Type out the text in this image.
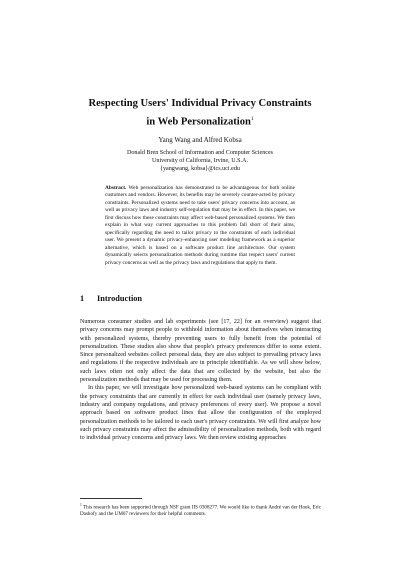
Respecting Users' Individual Privacy Constraints
in Web Personalization$^1$
Yang Wang and Alfred Kobsa
Donald Bren School of Information and Computer Sciences
University of California, Irvine, U.S.A.
{yangwang, kobsa}@ics.uci.edu
Abstract. Web personalization has demonstrated to be advantageous for both online customers and vendors. However, its benefits may be severely counter-acted by privacy constraints. Personalized systems need to take users' privacy concerns into account, as well as privacy laws and industry self-regulation that may be in effect. In this paper, we first discuss how these constraints may affect web-based personalized systems. We then explain in what way current approaches to this problem fall short of their aims, specifically regarding the need to tailor privacy to the constraints of each individual user. We present a dynamic privacy-enhancing user modeling framework as a superior alternative, which is based on a software product line architecture. Our system dynamically selects personalization methods during runtime that respect users' current privacy concerns as well as the privacy laws and regulations that apply to them.
1 Introduction

Numerous consumer studies and lab experiments (see [17, 22] for an overview) suggest that privacy concerns may prompt people to withhold information about themselves when interacting with personalized systems, thereby preventing users to fully benefit from the potential of personalization. These studies also show that people's privacy preferences differ to some extent. Since personalized websites collect personal data, they are also subject to prevailing privacy laws and regulations if the respective individuals are in principle identifiable. As we will show below, such laws often not only affect the data that are collected by the website, but also the personalization methods that may be used for processing them.

In this paper, we will investigate how personalized web-based systems can be compliant with the privacy constraints that are currently in effect for each individual user (namely privacy laws, industry and company regulations, and privacy preferences of every user). We propose a novel approach based on software product lines that allow the configuration of the employed personalization methods to be tailored to each user's privacy constraints. We will first analyze how such privacy constraints may affect the admissibility of personalization methods, both with regard to individual privacy concerns and privacy laws. We then review existing approaches

$^1$ This research has been supported through NSF grant IIS 0308277. We would like to thank André van der Hoek, Eric Dashofy and the UM07 reviewers for their helpful comments.
